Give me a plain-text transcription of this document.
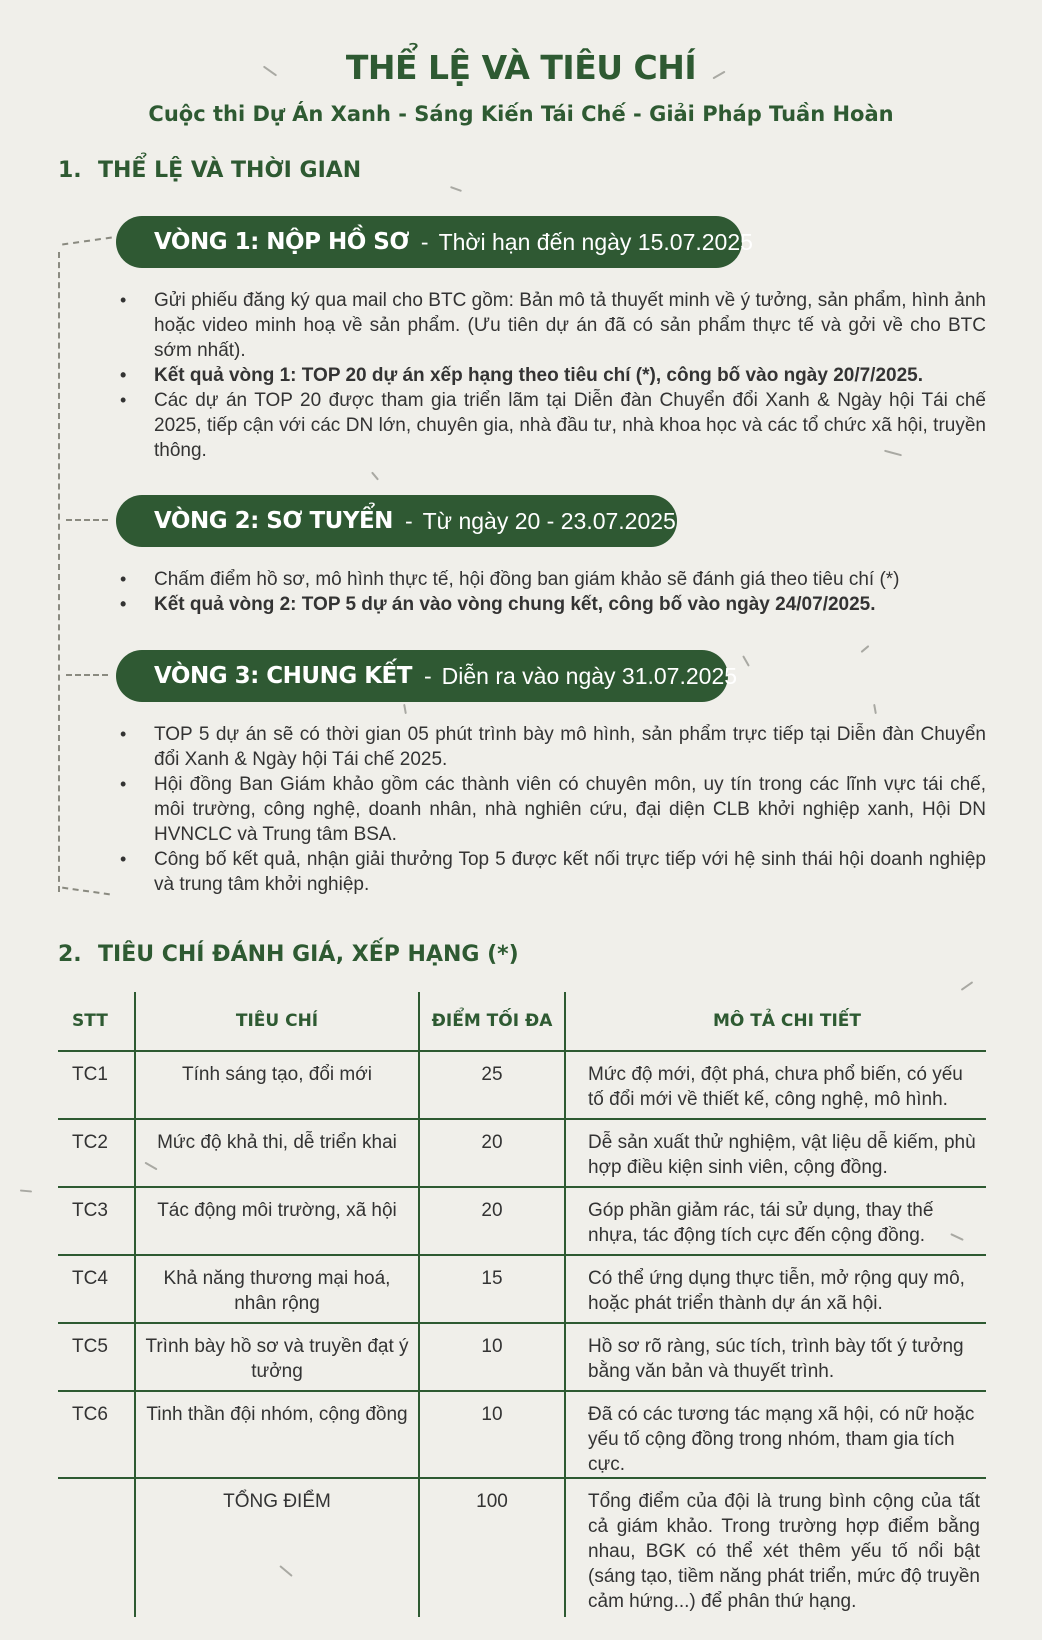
THỂ LỆ VÀ TIÊU CHÍ
Cuộc thi Dự Án Xanh - Sáng Kiến Tái Chế - Giải Pháp Tuần Hoàn
1. THỂ LỆ VÀ THỜI GIAN
VÒNG 1: NỘP HỒ SƠ - Thời hạn đến ngày 15.07.2025
• Gửi phiếu đăng ký qua mail cho BTC gồm: Bản mô tả thuyết minh về ý tưởng, sản phẩm, hình ảnh hoặc video minh hoạ về sản phẩm. (Ưu tiên dự án đã có sản phẩm thực tế và gởi về cho BTC sớm nhất).
• Kết quả vòng 1: TOP 20 dự án xếp hạng theo tiêu chí (*), công bố vào ngày 20/7/2025.
• Các dự án TOP 20 được tham gia triển lãm tại Diễn đàn Chuyển đổi Xanh & Ngày hội Tái chế 2025, tiếp cận với các DN lớn, chuyên gia, nhà đầu tư, nhà khoa học và các tổ chức xã hội, truyền thông.
VÒNG 2: SƠ TUYỂN - Từ ngày 20 - 23.07.2025
• Chấm điểm hồ sơ, mô hình thực tế, hội đồng ban giám khảo sẽ đánh giá theo tiêu chí (*)
• Kết quả vòng 2: TOP 5 dự án vào vòng chung kết, công bố vào ngày 24/07/2025.
VÒNG 3: CHUNG KẾT - Diễn ra vào ngày 31.07.2025
• TOP 5 dự án sẽ có thời gian 05 phút trình bày mô hình, sản phẩm trực tiếp tại Diễn đàn Chuyển đổi Xanh & Ngày hội Tái chế 2025.
• Hội đồng Ban Giám khảo gồm các thành viên có chuyên môn, uy tín trong các lĩnh vực tái chế, môi trường, công nghệ, doanh nhân, nhà nghiên cứu, đại diện CLB khởi nghiệp xanh, Hội DN HVNCLC và Trung tâm BSA.
• Công bố kết quả, nhận giải thưởng Top 5 được kết nối trực tiếp với hệ sinh thái hội doanh nghiệp và trung tâm khởi nghiệp.
2. TIÊU CHÍ ĐÁNH GIÁ, XẾP HẠNG (*)
STT	TIÊU CHÍ	ĐIỂM TỐI ĐA	MÔ TẢ CHI TIẾT
TC1	Tính sáng tạo, đổi mới	25	Mức độ mới, đột phá, chưa phổ biến, có yếu tố đổi mới về thiết kế, công nghệ, mô hình.
TC2	Mức độ khả thi, dễ triển khai	20	Dễ sản xuất thử nghiệm, vật liệu dễ kiếm, phù hợp điều kiện sinh viên, cộng đồng.
TC3	Tác động môi trường, xã hội	20	Góp phần giảm rác, tái sử dụng, thay thế nhựa, tác động tích cực đến cộng đồng.
TC4	Khả năng thương mại hoá, nhân rộng	15	Có thể ứng dụng thực tiễn, mở rộng quy mô, hoặc phát triển thành dự án xã hội.
TC5	Trình bày hồ sơ và truyền đạt ý tưởng	10	Hồ sơ rõ ràng, súc tích, trình bày tốt ý tưởng bằng văn bản và thuyết trình.
TC6	Tinh thần đội nhóm, cộng đồng	10	Đã có các tương tác mạng xã hội, có nữ hoặc yếu tố cộng đồng trong nhóm, tham gia tích cực.
	TỔNG ĐIỂM	100	Tổng điểm của đội là trung bình cộng của tất cả giám khảo. Trong trường hợp điểm bằng nhau, BGK có thể xét thêm yếu tố nổi bật (sáng tạo, tiềm năng phát triển, mức độ truyền cảm hứng...) để phân thứ hạng.
